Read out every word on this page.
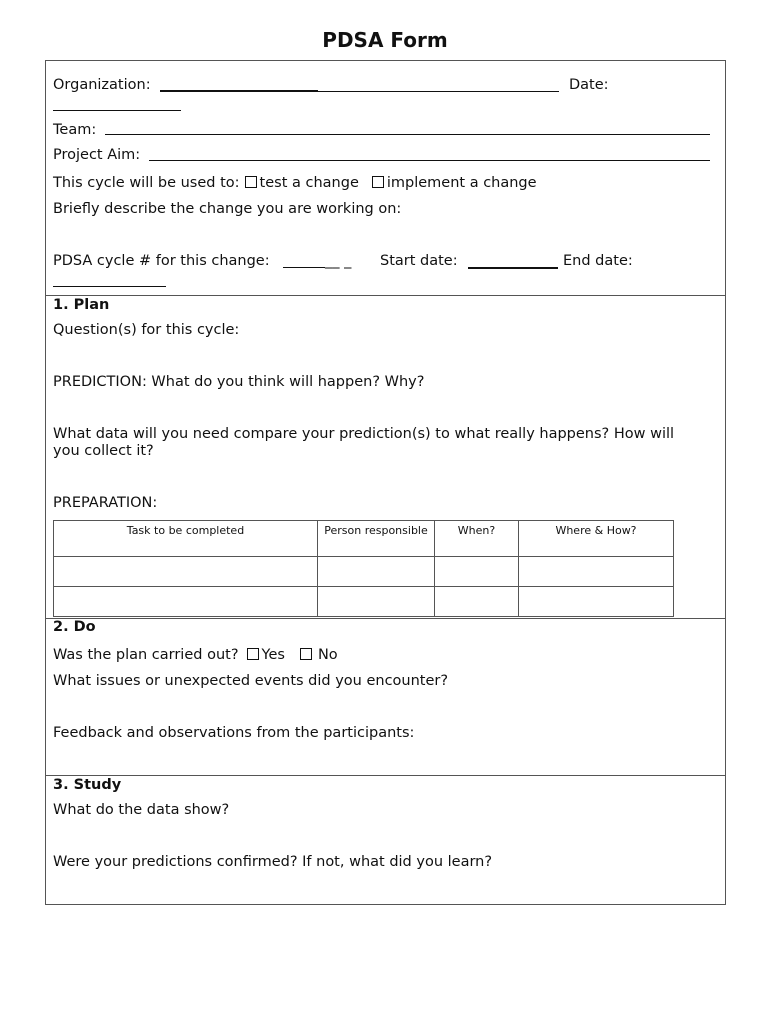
PDSA Form
Organization:	Date:
Team:
Project Aim:
This cycle will be used to: test a change implement a change
Briefly describe the change you are working on:
PDSA cycle # for this change:	__ _ Start date:	End date:
1. Plan
Question(s) for this cycle:
PREDICTION: What do you think will happen? Why?
What data will you need compare your prediction(s) to what really happens? How will
you collect it?
PREPARATION:
Task to be completed	Person responsible	When?	Where & How?

2. Do
Was the plan carried out? Yes No
What issues or unexpected events did you encounter?
Feedback and observations from the participants:
3. Study
What do the data show?
Were your predictions confirmed? If not, what did you learn?
